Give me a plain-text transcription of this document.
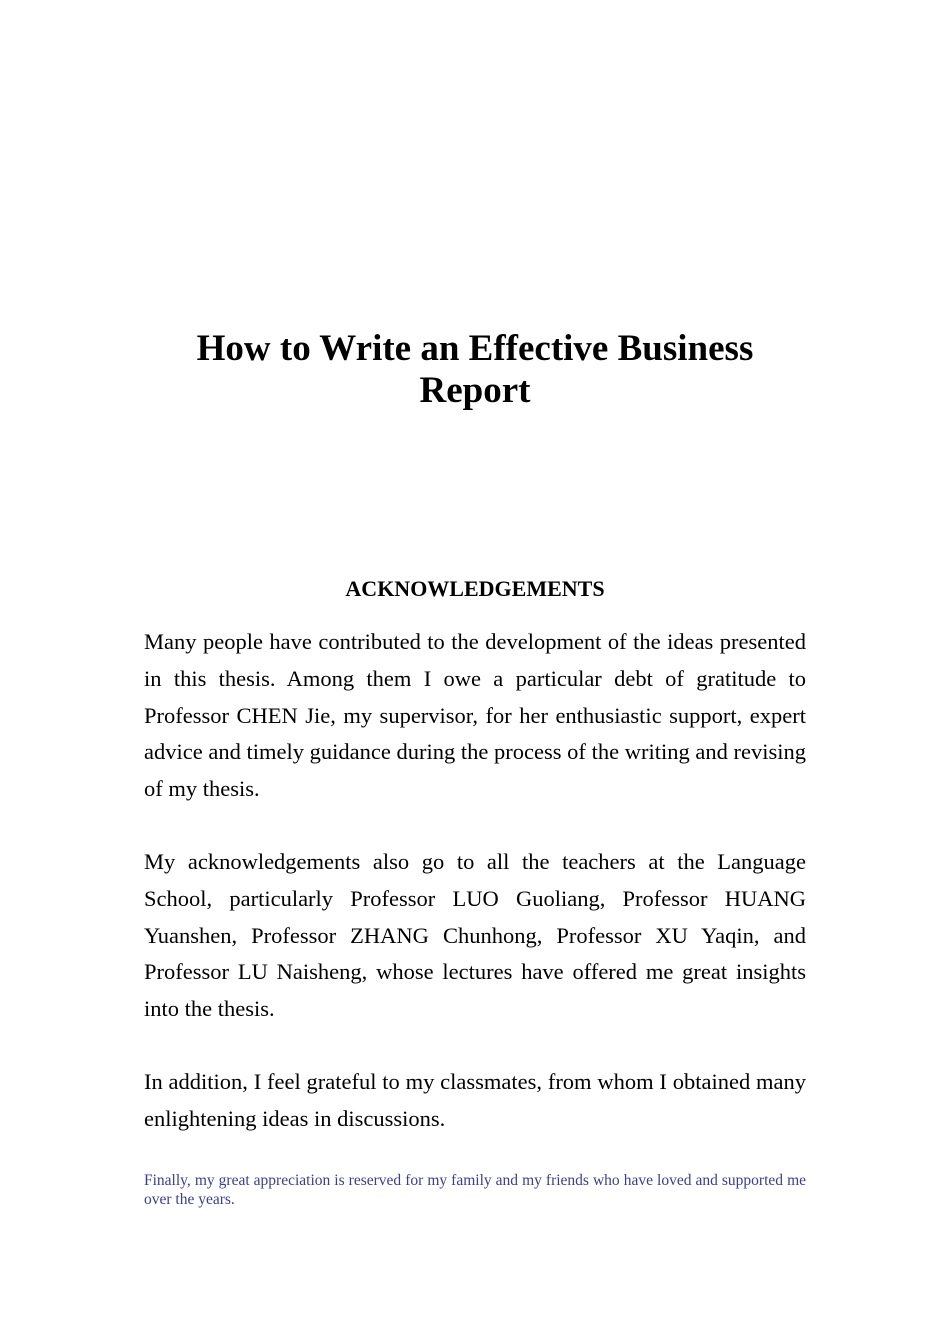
How to Write an Effective Business Report
ACKNOWLEDGEMENTS

Many people have contributed to the development of the ideas presented in this thesis. Among them I owe a particular debt of gratitude to Professor CHEN Jie, my supervisor, for her enthusiastic support, expert advice and timely guidance during the process of the writing and revising of my thesis.

My acknowledgements also go to all the teachers at the Language School, particularly Professor LUO Guoliang, Professor HUANG Yuanshen, Professor ZHANG Chunhong, Professor XU Yaqin, and Professor LU Naisheng, whose lectures have offered me great insights into the thesis.

In addition, I feel grateful to my classmates, from whom I obtained many enlightening ideas in discussions.

Finally, my great appreciation is reserved for my family and my friends who have loved and supported me over the years.
